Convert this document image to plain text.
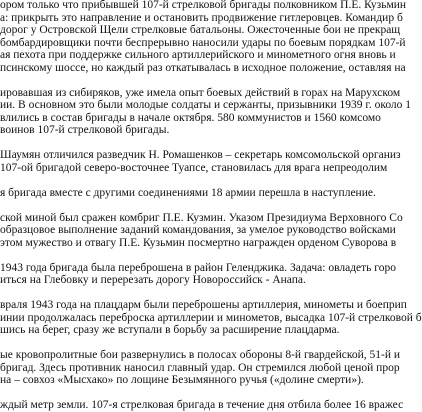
ором только что прибывшей 107-й стрелковой бригады полковником П.Е. Кузьмин
а: прикрыть это направление и остановить продвижение гитлеровцев. Командир б
дорог у Островской Щели стрелковые батальоны. Ожесточенные бои не прекращ
бомбардировщики почти беспрерывно наносили удары по боевым порядкам 107-й
ая пехота при поддержке сильного артиллерийского и минометного огня вновь и
псинскому шоссе, но каждый раз откатывалась в исходное положение, оставляя на
ировавшая из сибиряков, уже имела опыт боевых действий в горах на Марухском
ии. В основном это были молодые солдаты и сержанты, призывники 1939 г. около 1
влились в состав бригады в начале октября. 580 коммунистов и 1560 комсомо
воинов 107-й стрелковой бригады.
Шаумян отличился разведчик Н. Ромашенков – секретарь комсомольской организ
107-ой бригадой северо-восточнее Туапсе, становилась для врага непреодолим
я бригада вместе с другими соединениями 18 армии перешла в наступление.
ской миной был сражен комбриг П.Е. Кузмин. Указом Президиума Верховного Со
образцовое выполнение заданий командования, за умелое руководство войсками
этом мужество и отвагу П.Е. Кузьмин посмертно награжден орденом Суворова в
1943 года бригада была переброшена в район Геленджика. Задача: овладеть горо
иться на Глебовку и перерезать дорогу Новороссийск - Анапа.
враля 1943 года на плацдарм были переброшены артиллерия, минометы и боеприп
инии продолжалась переброска артиллерии и минометов, высадка 107-й стрелковой б
шись на берег, сразу же вступали в борьбу за расширение плацдарма.
ые кровопролитные бои развернулись в полосах обороны 8-й гвардейской, 51-й и
бригад. Здесь противник наносил главный удар. Он стремился любой ценой прор
на – совхоз «Мысхако» по лощине Безымянного ручья («долине смерти»).
ждый метр земли. 107-я стрелковая бригада в течение дня отбила более 16 вражес
